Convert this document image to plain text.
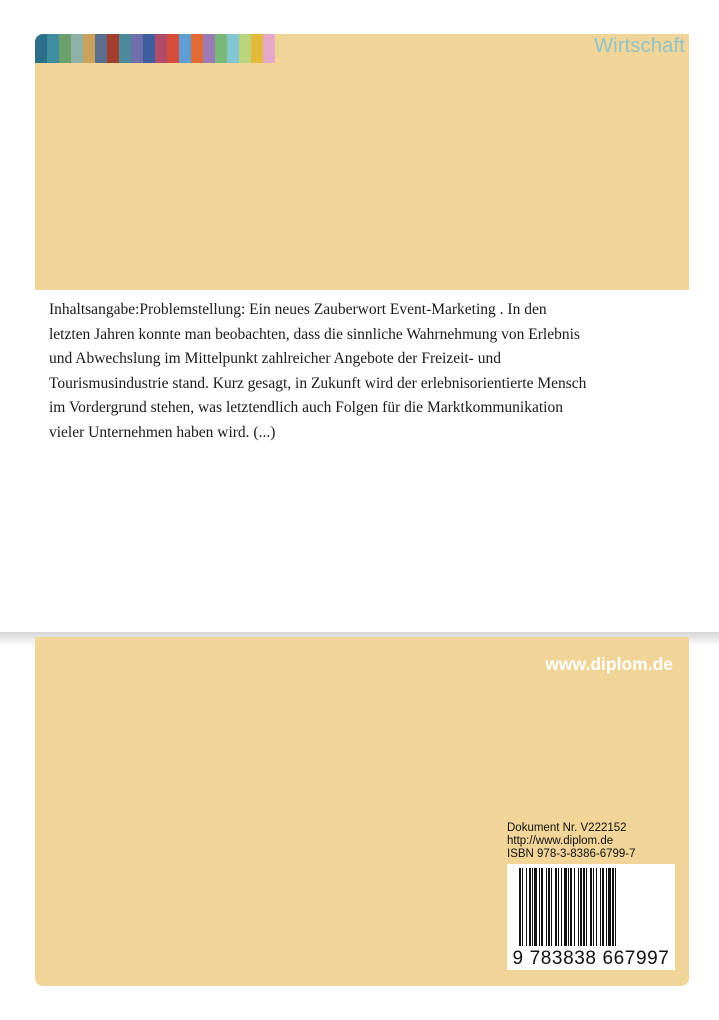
Wirtschaft

Inhaltsangabe:Problemstellung: Ein neues Zauberwort Event-Marketing . In den letzten Jahren konnte man beobachten, dass die sinnliche Wahrnehmung von Erlebnis und Abwechslung im Mittelpunkt zahlreicher Angebote der Freizeit- und Tourismusindustrie stand. Kurz gesagt, in Zukunft wird der erlebnisorientierte Mensch im Vordergrund stehen, was letztendlich auch Folgen für die Marktkommunikation vieler Unternehmen haben wird. (...)

www.diplom.de
Dokument Nr. V222152
http://www.diplom.de
ISBN 978-3-8386-6799-7
9 783838 667997
